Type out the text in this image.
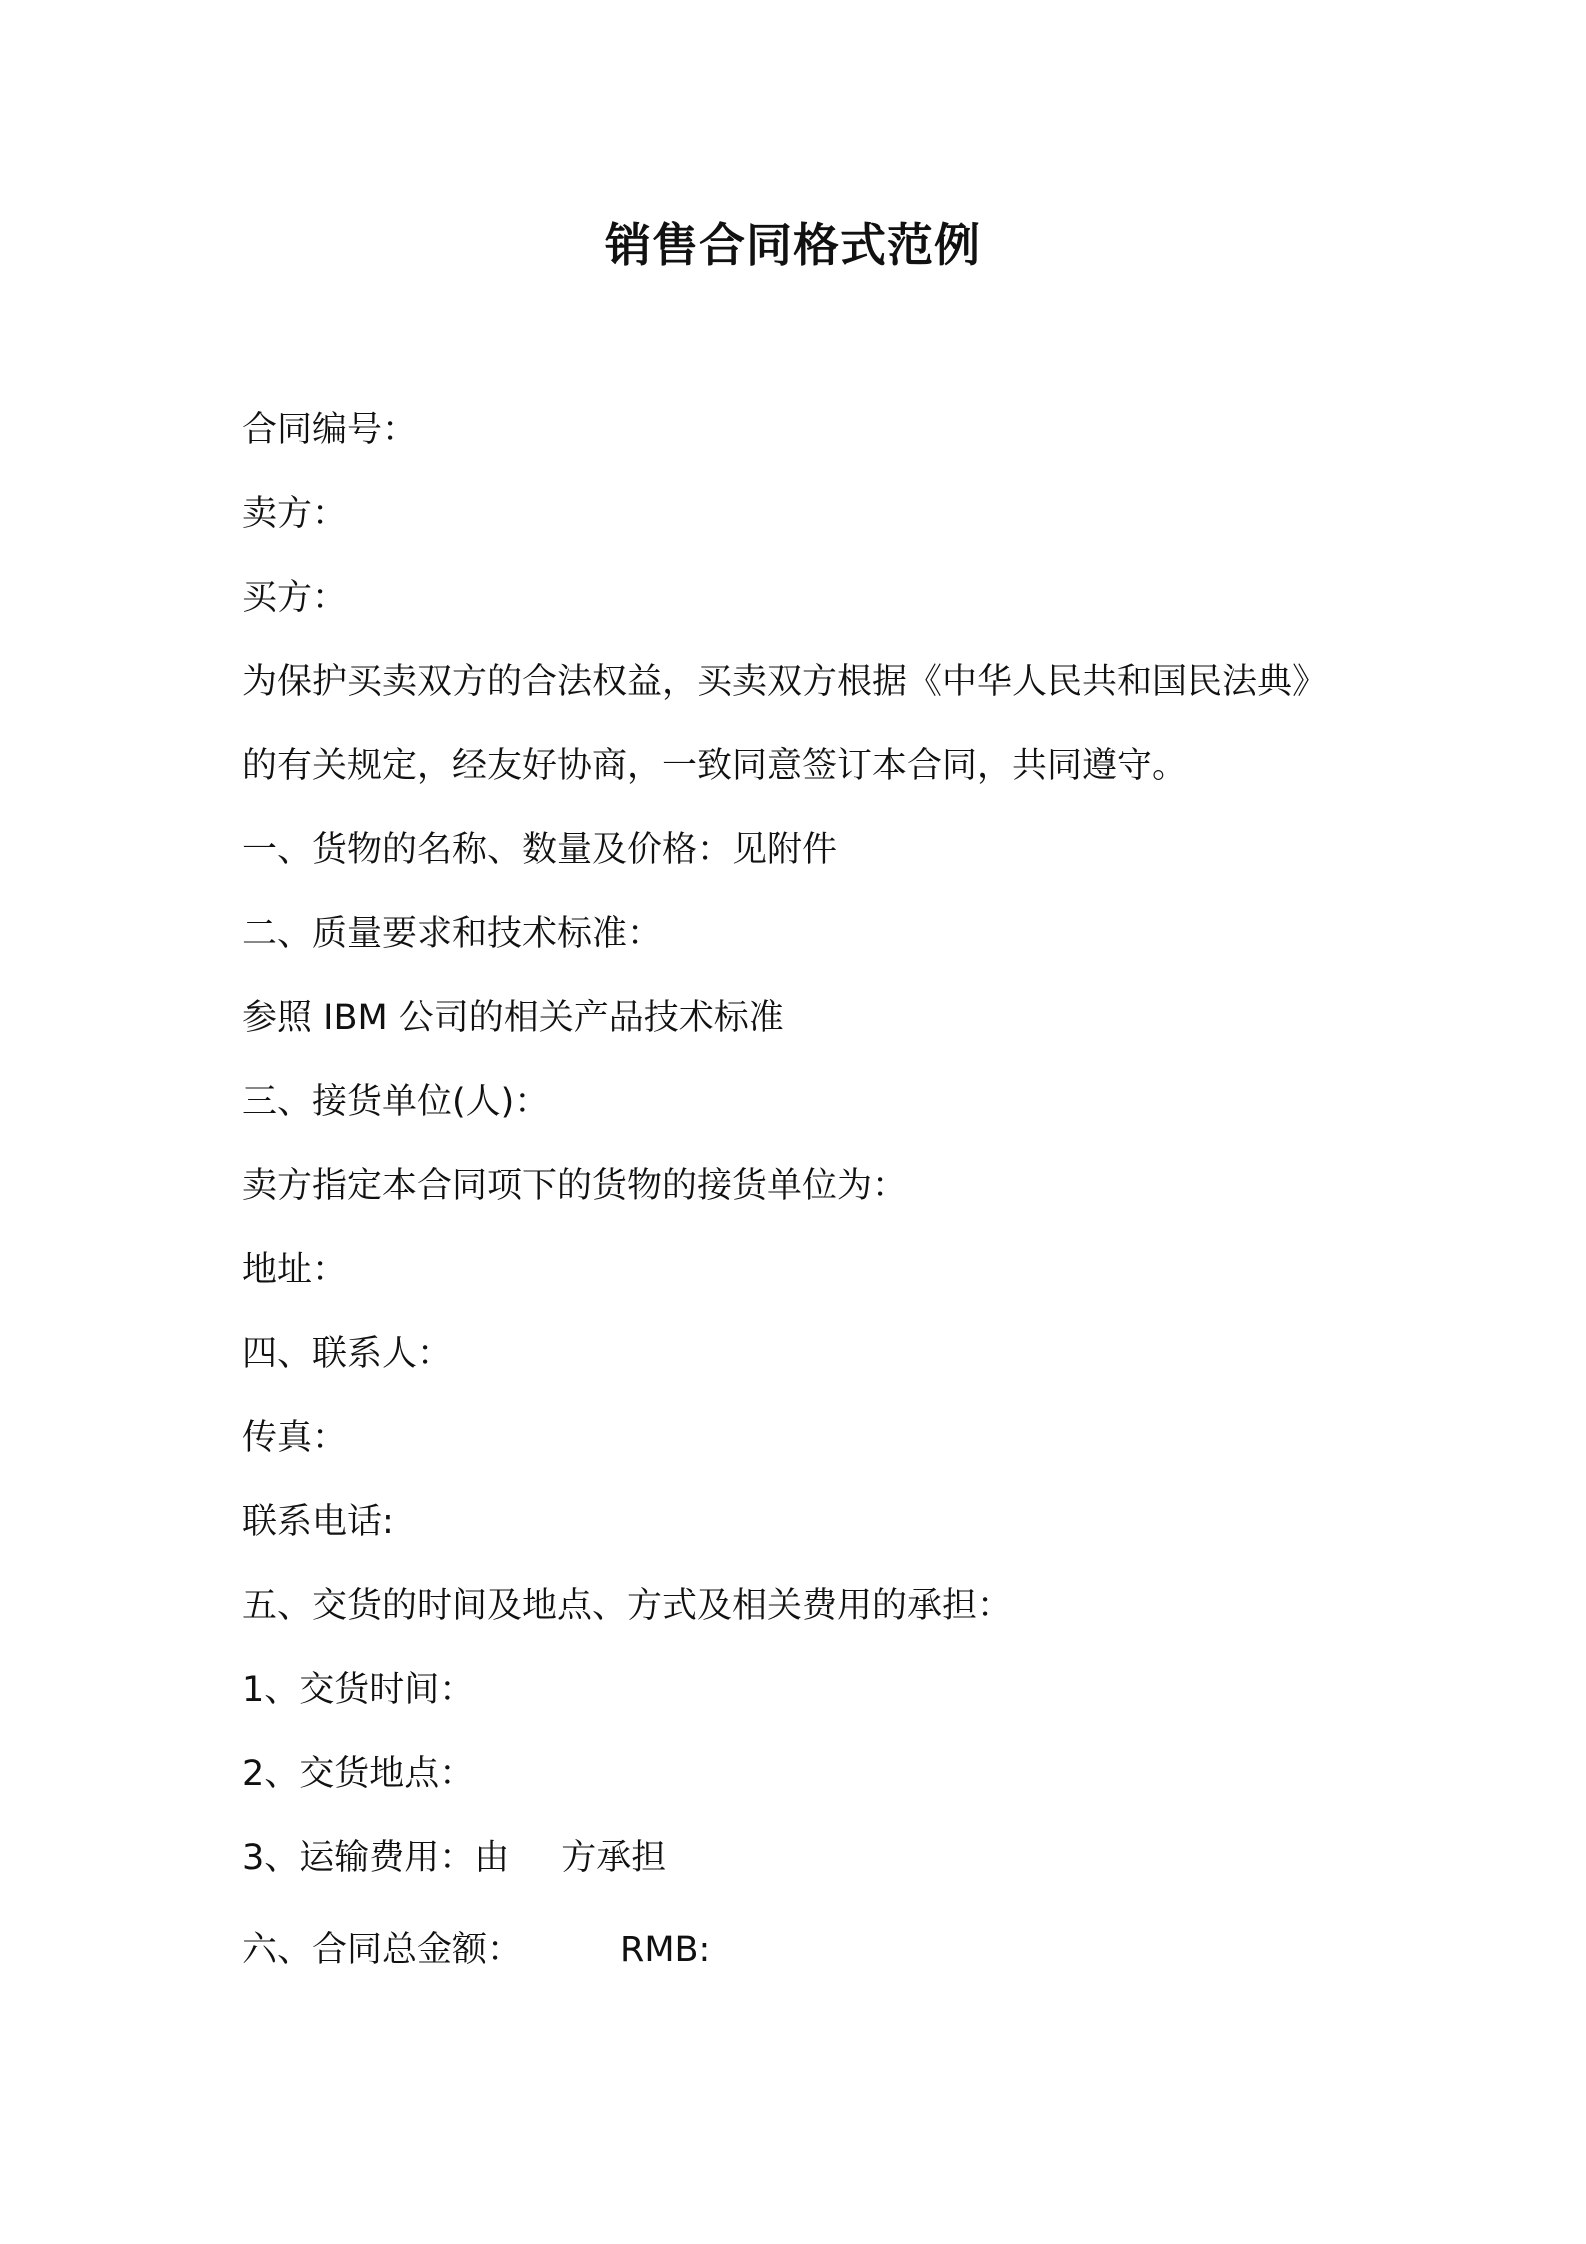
销售合同格式范例
合同编号：
卖方：
买方：
为保护买卖双方的合法权益，买卖双方根据《中华人民共和国民法典》
的有关规定，经友好协商，一致同意签订本合同，共同遵守。
一、货物的名称、数量及价格：见附件
二、质量要求和技术标准：
参照 IBM 公司的相关产品技术标准
三、接货单位(人)：
卖方指定本合同项下的货物的接货单位为：
地址：
四、联系人：
传真：
联系电话:
五、交货的时间及地点、方式及相关费用的承担：
1、交货时间：
2、交货地点：
3、运输费用：由 方承担
六、合同总金额：	RMB:
